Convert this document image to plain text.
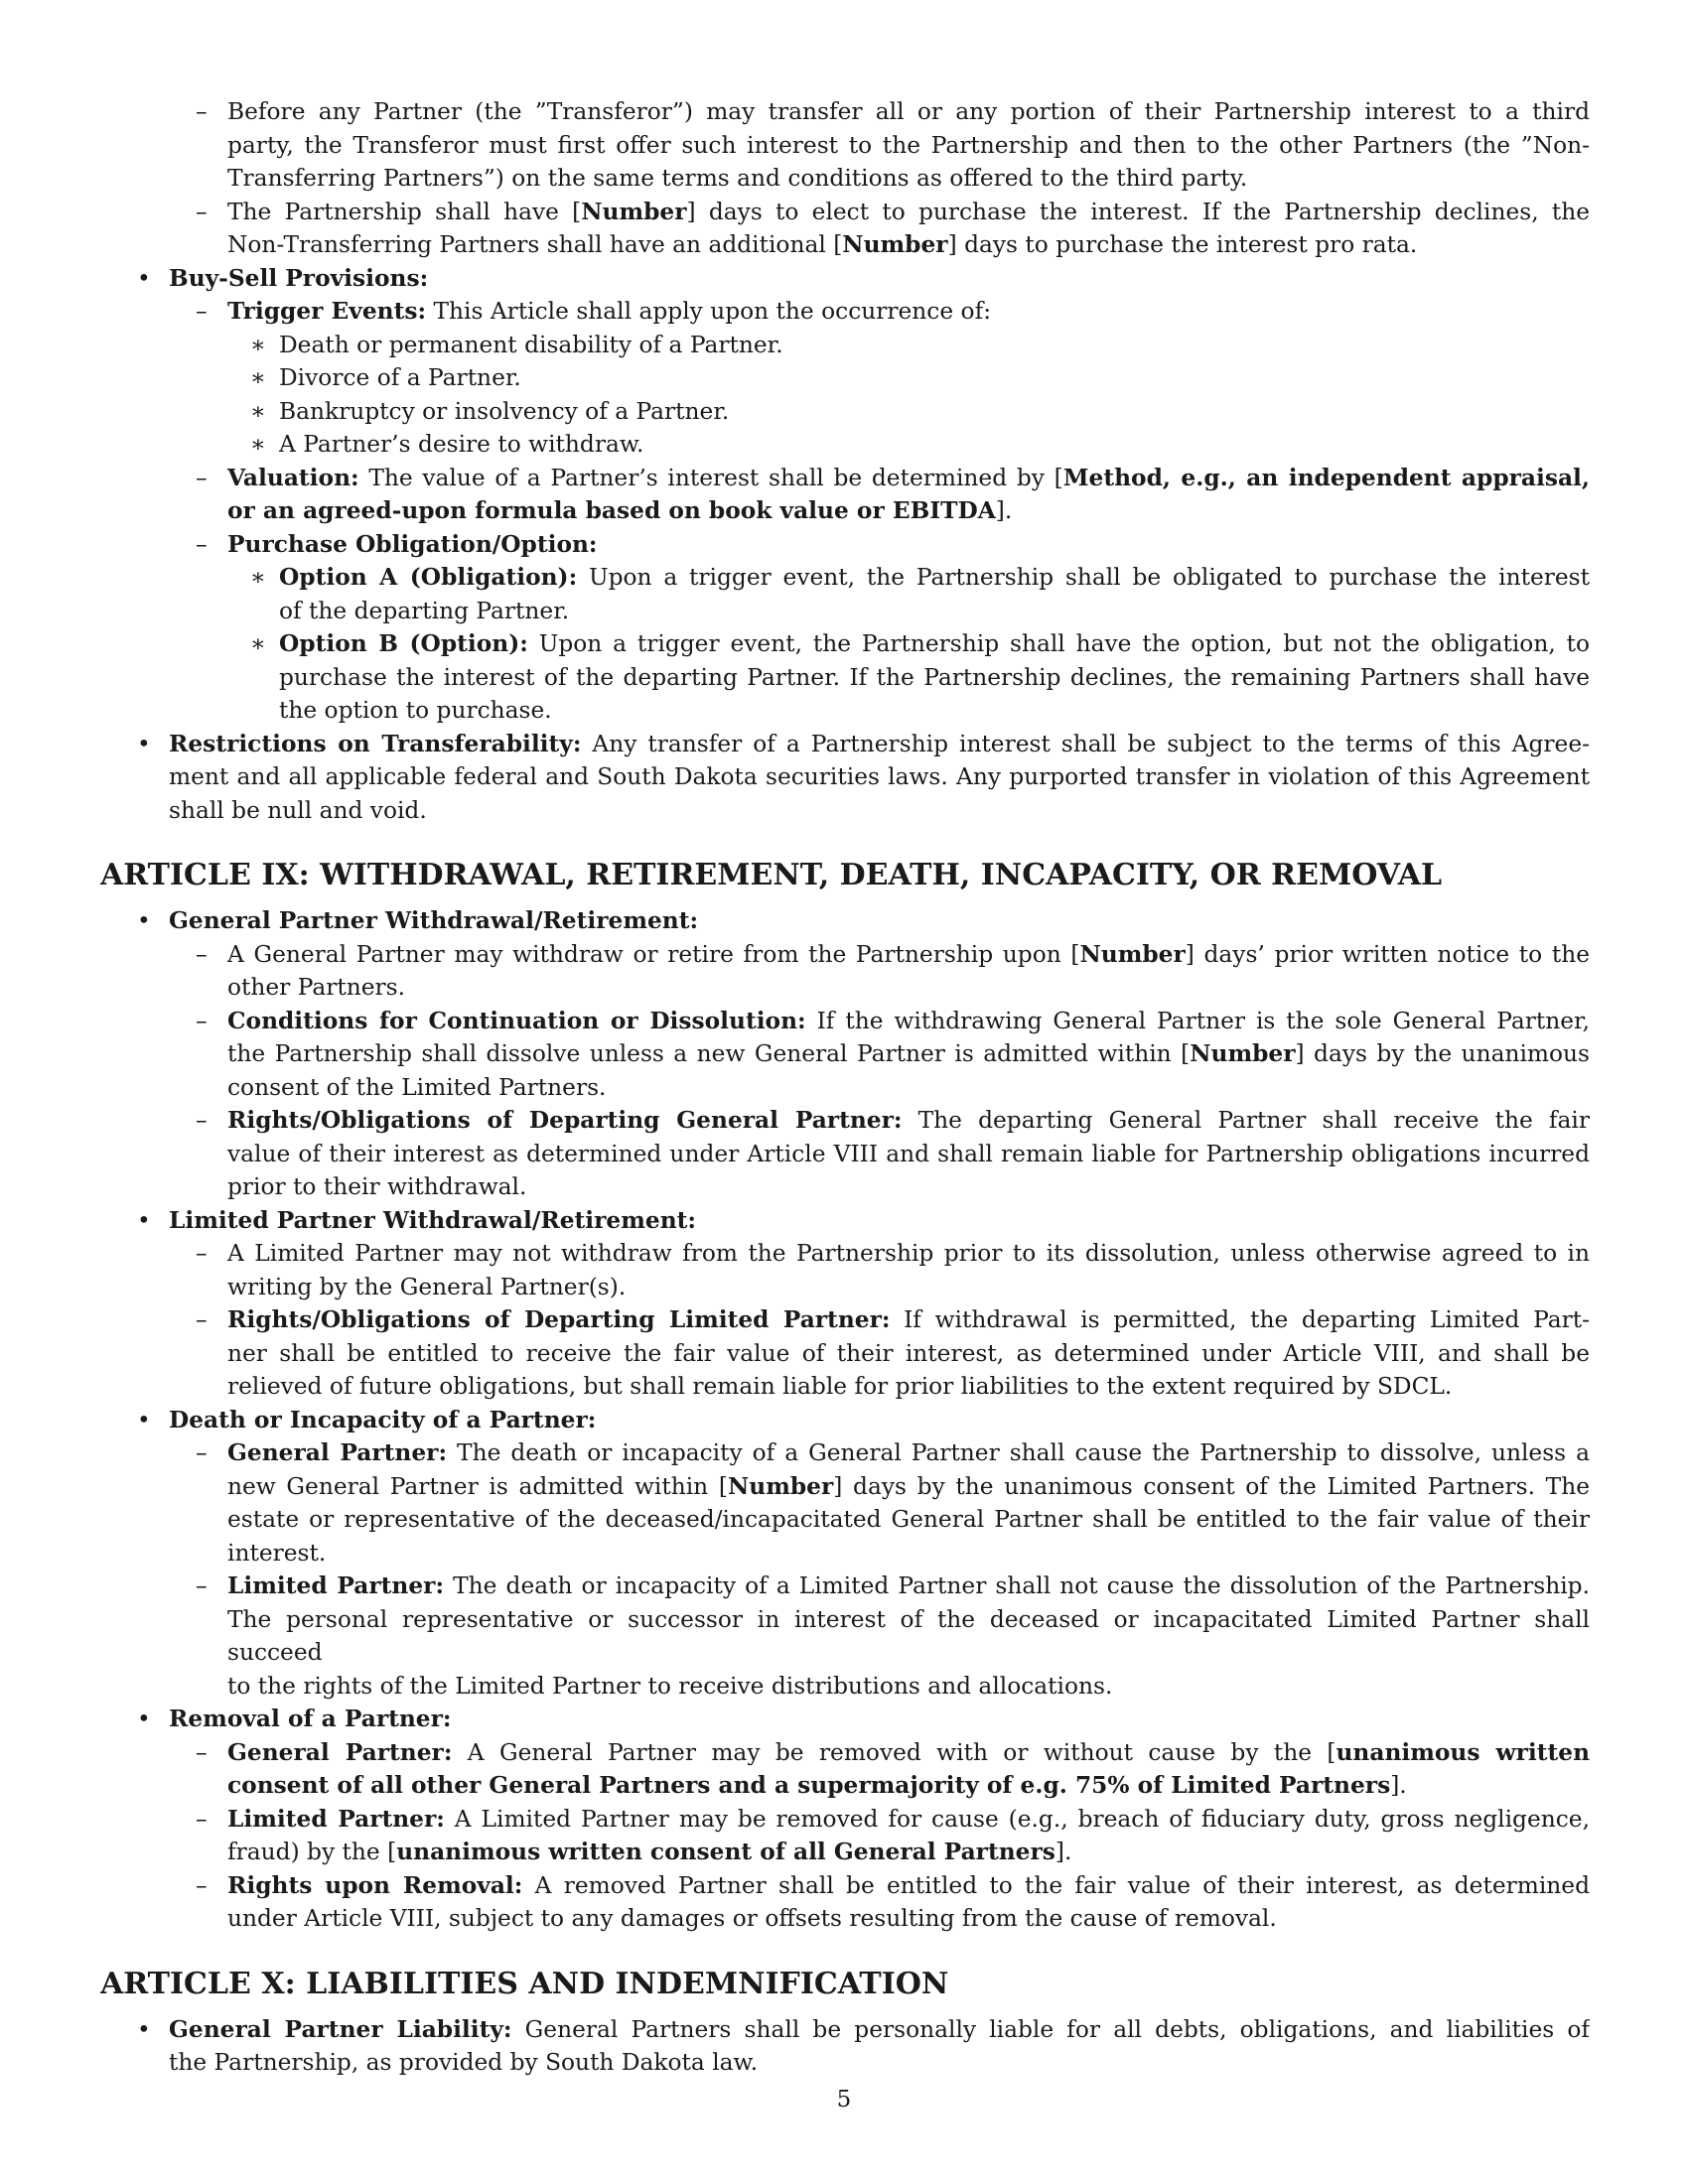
– Before any Partner (the ”Transferor”) may transfer all or any portion of their Partnership interest to a third
party, the Transferor must first offer such interest to the Partnership and then to the other Partners (the ”Non-
Transferring Partners”) on the same terms and conditions as offered to the third party.
– The Partnership shall have [Number] days to elect to purchase the interest. If the Partnership declines, the
Non-Transferring Partners shall have an additional [Number] days to purchase the interest pro rata.
• Buy-Sell Provisions:
– Trigger Events: This Article shall apply upon the occurrence of:
∗ Death or permanent disability of a Partner.
∗ Divorce of a Partner.
∗ Bankruptcy or insolvency of a Partner.
∗ A Partner’s desire to withdraw.
– Valuation: The value of a Partner’s interest shall be determined by [Method, e.g., an independent appraisal,
or an agreed-upon formula based on book value or EBITDA].
– Purchase Obligation/Option:
∗ Option A (Obligation): Upon a trigger event, the Partnership shall be obligated to purchase the interest
of the departing Partner.
∗ Option B (Option): Upon a trigger event, the Partnership shall have the option, but not the obligation, to
purchase the interest of the departing Partner. If the Partnership declines, the remaining Partners shall have
the option to purchase.
• Restrictions on Transferability: Any transfer of a Partnership interest shall be subject to the terms of this Agree-
ment and all applicable federal and South Dakota securities laws. Any purported transfer in violation of this Agreement
shall be null and void.
ARTICLE IX: WITHDRAWAL, RETIREMENT, DEATH, INCAPACITY, OR REMOVAL
• General Partner Withdrawal/Retirement:
– A General Partner may withdraw or retire from the Partnership upon [Number] days’ prior written notice to the
other Partners.
– Conditions for Continuation or Dissolution: If the withdrawing General Partner is the sole General Partner,
the Partnership shall dissolve unless a new General Partner is admitted within [Number] days by the unanimous
consent of the Limited Partners.
– Rights/Obligations of Departing General Partner: The departing General Partner shall receive the fair
value of their interest as determined under Article VIII and shall remain liable for Partnership obligations incurred
prior to their withdrawal.
• Limited Partner Withdrawal/Retirement:
– A Limited Partner may not withdraw from the Partnership prior to its dissolution, unless otherwise agreed to in
writing by the General Partner(s).
– Rights/Obligations of Departing Limited Partner: If withdrawal is permitted, the departing Limited Part-
ner shall be entitled to receive the fair value of their interest, as determined under Article VIII, and shall be
relieved of future obligations, but shall remain liable for prior liabilities to the extent required by SDCL.
• Death or Incapacity of a Partner:
– General Partner: The death or incapacity of a General Partner shall cause the Partnership to dissolve, unless a
new General Partner is admitted within [Number] days by the unanimous consent of the Limited Partners. The
estate or representative of the deceased/incapacitated General Partner shall be entitled to the fair value of their
interest.
– Limited Partner: The death or incapacity of a Limited Partner shall not cause the dissolution of the Partnership.
The personal representative or successor in interest of the deceased or incapacitated Limited Partner shall succeed
to the rights of the Limited Partner to receive distributions and allocations.
• Removal of a Partner:
– General Partner: A General Partner may be removed with or without cause by the [unanimous written
consent of all other General Partners and a supermajority of e.g. 75% of Limited Partners].
– Limited Partner: A Limited Partner may be removed for cause (e.g., breach of fiduciary duty, gross negligence,
fraud) by the [unanimous written consent of all General Partners].
– Rights upon Removal: A removed Partner shall be entitled to the fair value of their interest, as determined
under Article VIII, subject to any damages or offsets resulting from the cause of removal.
ARTICLE X: LIABILITIES AND INDEMNIFICATION
• General Partner Liability: General Partners shall be personally liable for all debts, obligations, and liabilities of
the Partnership, as provided by South Dakota law.
5
